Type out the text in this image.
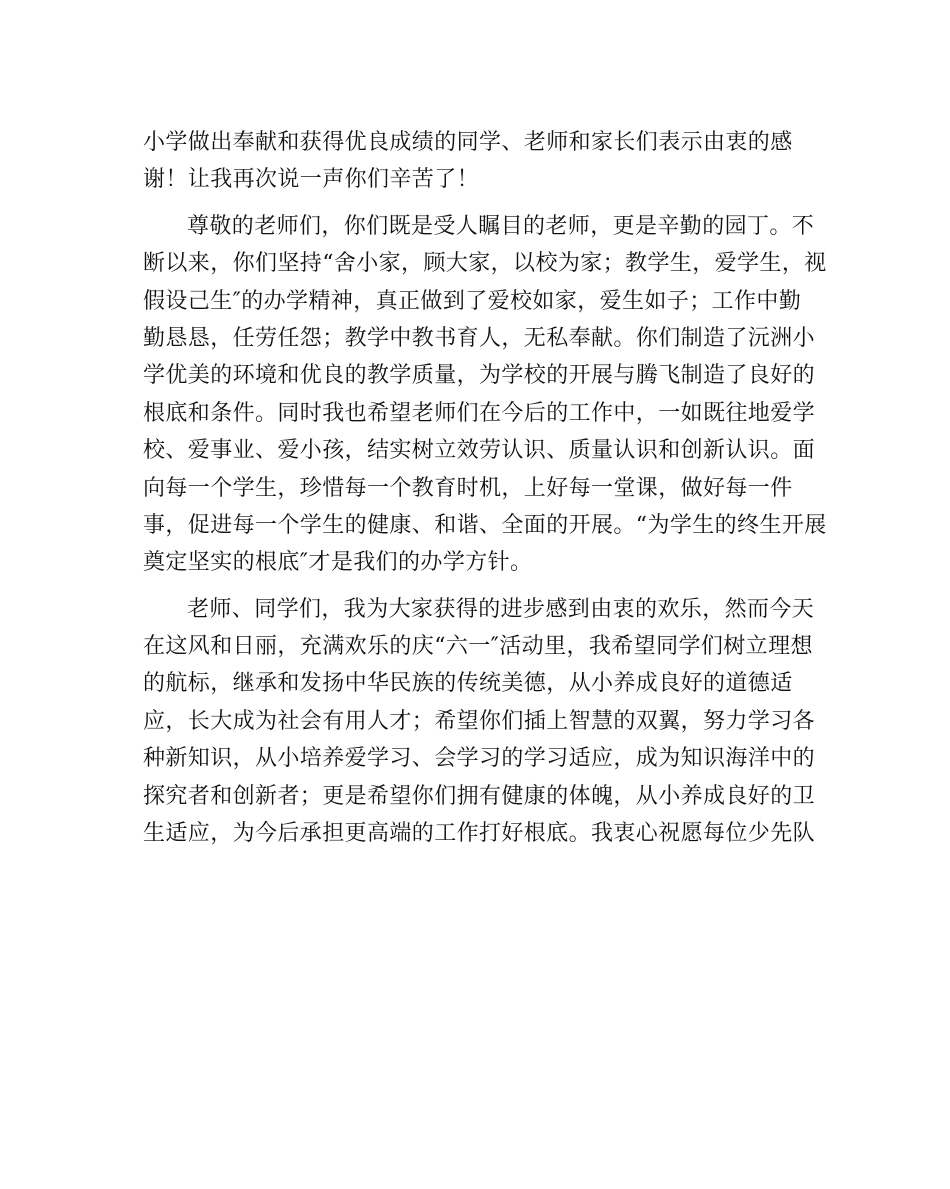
小学做出奉献和获得优良成绩的同学、老师和家长们表示由衷的感
谢！让我再次说一声你们辛苦了！
尊敬的老师们，你们既是受人瞩目的老师，更是辛勤的园丁。不
断以来，你们坚持“舍小家，顾大家，以校为家；教学生，爱学生，视
假设己生″的办学精神，真正做到了爱校如家，爱生如子；工作中勤
勤恳恳，任劳任怨；教学中教书育人，无私奉献。你们制造了沅洲小
学优美的环境和优良的教学质量，为学校的开展与腾飞制造了良好的
根底和条件。同时我也希望老师们在今后的工作中，一如既往地爱学
校、爱事业、爱小孩，结实树立效劳认识、质量认识和创新认识。面
向每一个学生，珍惜每一个教育时机，上好每一堂课，做好每一件
事，促进每一个学生的健康、和谐、全面的开展。“为学生的终生开展
奠定坚实的根底″才是我们的办学方针。
老师、同学们，我为大家获得的进步感到由衷的欢乐，然而今天
在这风和日丽，充满欢乐的庆“六一″活动里，我希望同学们树立理想
的航标，继承和发扬中华民族的传统美德，从小养成良好的道德适
应，长大成为社会有用人才；希望你们插上智慧的双翼，努力学习各
种新知识，从小培养爱学习、会学习的学习适应，成为知识海洋中的
探究者和创新者；更是希望你们拥有健康的体魄，从小养成良好的卫
生适应，为今后承担更高端的工作打好根底。我衷心祝愿每位少先队
